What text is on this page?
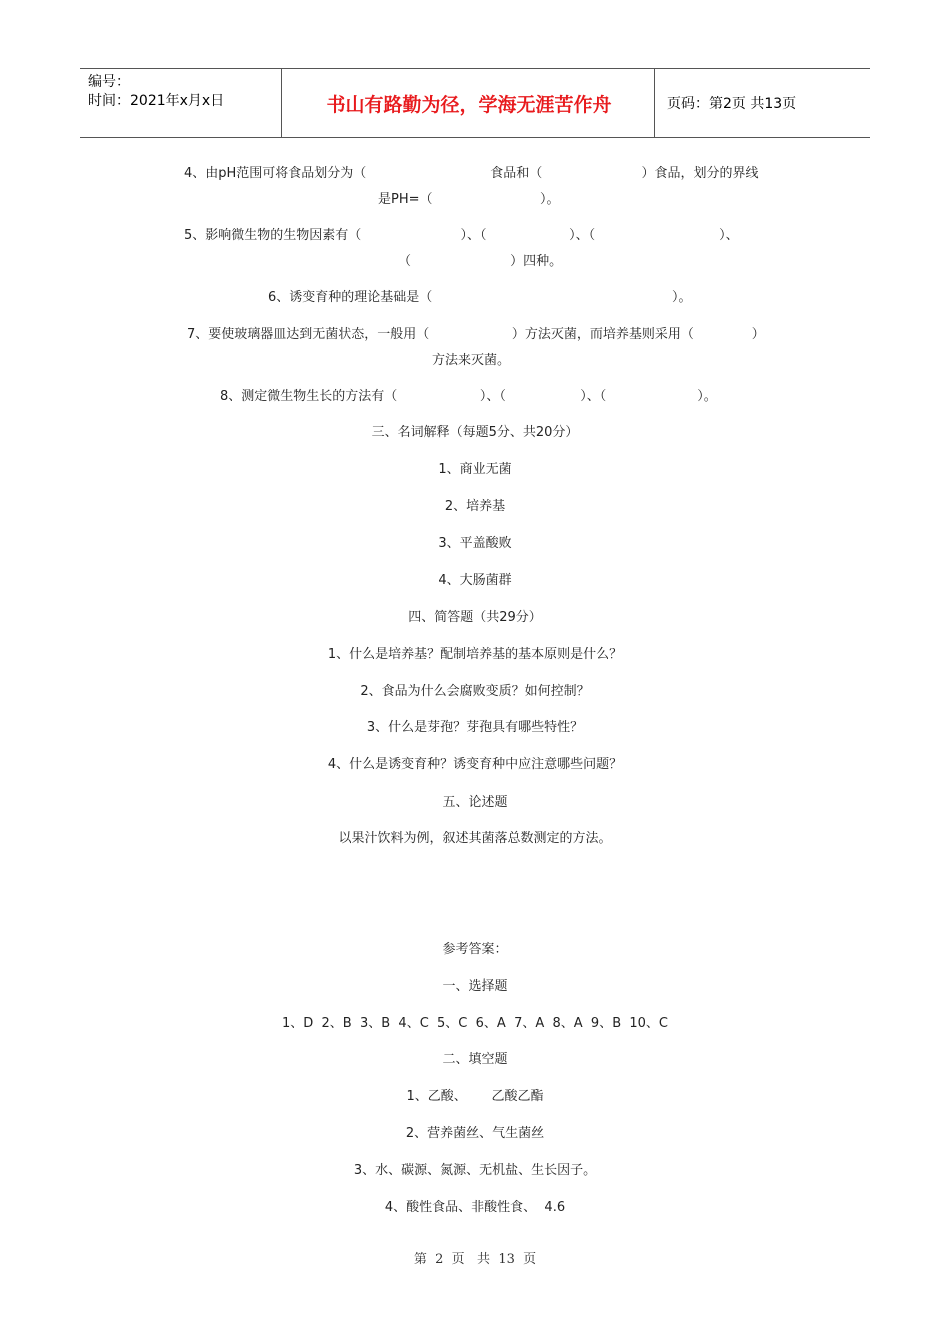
编号：
时间：2021年x月x日	书山有路勤为径，学海无涯苦作舟	页码：第2页 共13页
4、由pH范围可将食品划分为（                              食品和（                        ）食品，划分的界线
是PH=（                          ）。
5、影响微生物的生物因素有（                        ）、（                    ）、（                              ）、
（                        ）四种。
6、诱变育种的理论基础是（                                                          ）。
7、要使玻璃器皿达到无菌状态，一般用（                    ）方法灭菌，而培养基则采用（              ）
方法来灭菌。
8、测定微生物生长的方法有（                    ）、（                  ）、（                      ）。
三、名词解释（每题5分、共20分）
1、商业无菌
2、培养基
3、平盖酸败
4、大肠菌群
四、简答题（共29分）
1、什么是培养基？配制培养基的基本原则是什么？
2、食品为什么会腐败变质？如何控制？
3、什么是芽孢？芽孢具有哪些特性？
4、什么是诱变育种？诱变育种中应注意哪些问题？
五、论述题
以果汁饮料为例，叙述其菌落总数测定的方法。
参考答案：
一、选择题
1、D  2、B  3、B  4、C  5、C  6、A  7、A  8、A  9、B  10、C
二、填空题
1、乙酸、      乙酸乙酯
2、营养菌丝、气生菌丝
3、水、碳源、氮源、无机盐、生长因子。
4、酸性食品、非酸性食、  4.6
第  2  页   共  13  页
